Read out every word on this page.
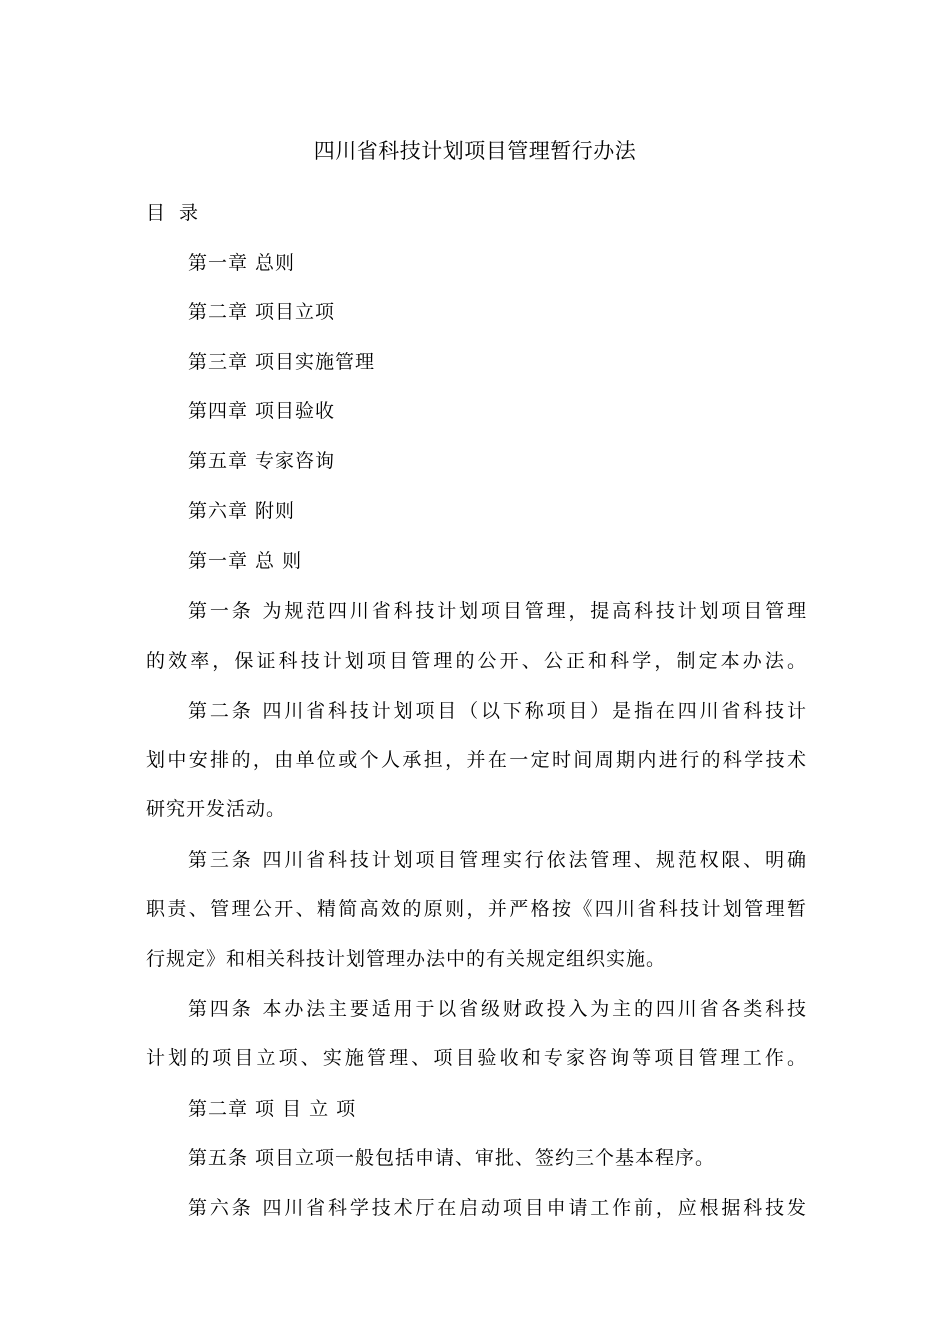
四川省科技计划项目管理暂行办法
目 录
第一章 总则
第二章 项目立项
第三章 项目实施管理
第四章 项目验收
第五章 专家咨询
第六章 附则
第一章 总 则
第一条 为规范四川省科技计划项目管理，提高科技计划项目管理
的效率，保证科技计划项目管理的公开、公正和科学，制定本办法。
第二条 四川省科技计划项目（以下称项目）是指在四川省科技计
划中安排的，由单位或个人承担，并在一定时间周期内进行的科学技术
研究开发活动。
第三条 四川省科技计划项目管理实行依法管理、规范权限、明确
职责、管理公开、精简高效的原则，并严格按《四川省科技计划管理暂
行规定》和相关科技计划管理办法中的有关规定组织实施。
第四条 本办法主要适用于以省级财政投入为主的四川省各类科技
计划的项目立项、实施管理、项目验收和专家咨询等项目管理工作。
第二章 项 目 立 项
第五条 项目立项一般包括申请、审批、签约三个基本程序。
第六条 四川省科学技术厅在启动项目申请工作前，应根据科技发
